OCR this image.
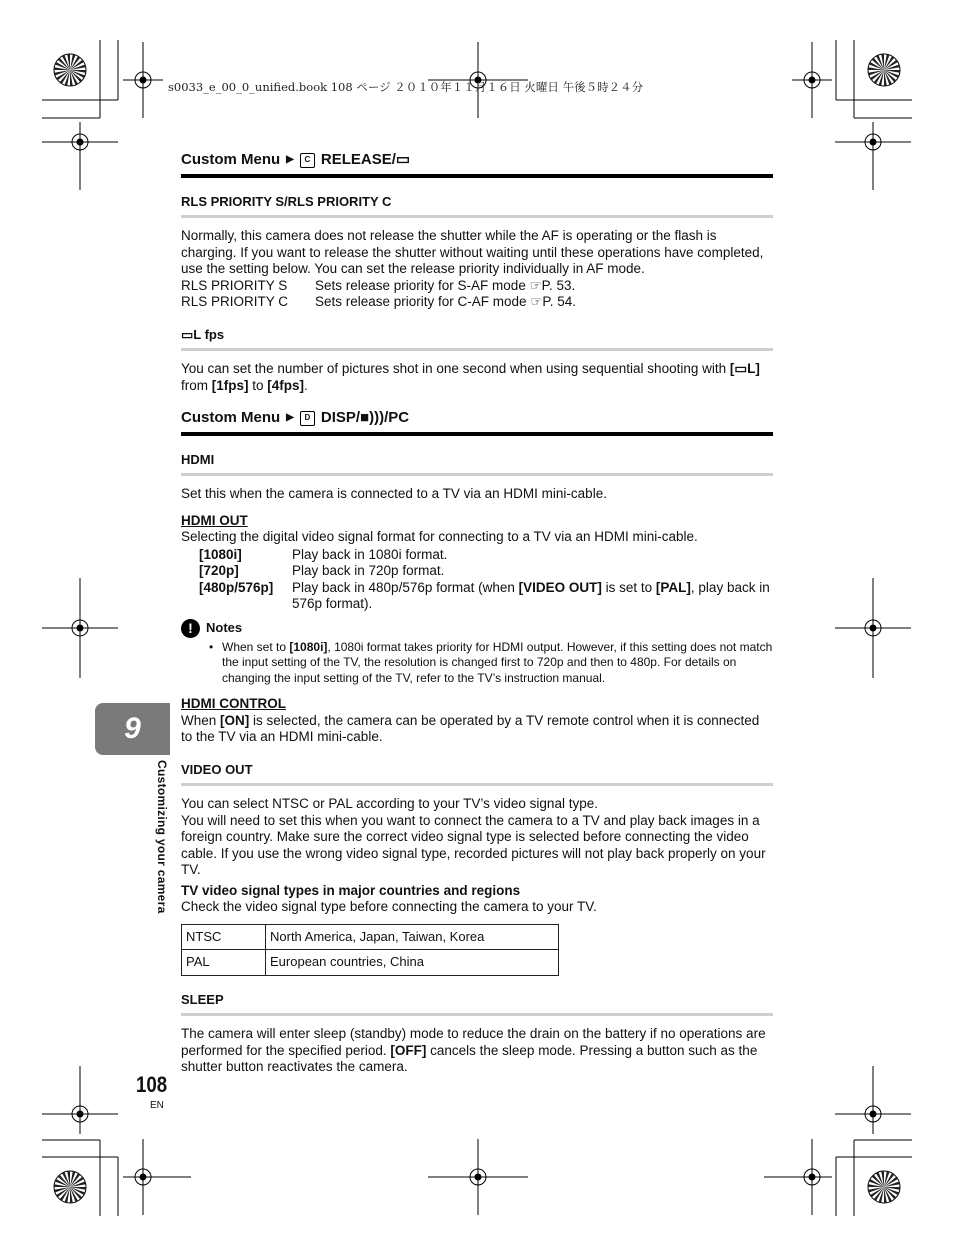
s0033_e_00_0_unified.book 108 ページ ２０１０年１１月１６日 火曜日 午後５時２４分
Custom Menu ▶	C RELEASE/▭
RLS PRIORITY S/RLS PRIORITY C
Normally, this camera does not release the shutter while the AF is operating or the flash is charging. If you want to release the shutter without waiting until these operations have completed, use the setting below. You can set the release priority individually in AF mode.
RLS PRIORITY S	Sets release priority for S-AF mode ☞P. 53.
RLS PRIORITY C	Sets release priority for C-AF mode ☞P. 54.
▭L fps
You can set the number of pictures shot in one second when using sequential shooting with [▭L] from [1fps] to [4fps].
Custom Menu ▶	D DISP/■)))/PC
HDMI
Set this when the camera is connected to a TV via an HDMI mini-cable.
HDMI OUT
Selecting the digital video signal format for connecting to a TV via an HDMI mini-cable.
[1080i]	Play back in 1080i format.
[720p]	Play back in 720p format.
[480p/576p]	Play back in 480p/576p format (when [VIDEO OUT] is set to [PAL], play back in 576p format).
!	Notes
• When set to [1080i], 1080i format takes priority for HDMI output. However, if this setting does not match the input setting of the TV, the resolution is changed first to 720p and then to 480p. For details on changing the input setting of the TV, refer to the TV’s instruction manual.
HDMI CONTROL
When [ON] is selected, the camera can be operated by a TV remote control when it is connected to the TV via an HDMI mini-cable.
VIDEO OUT
You can select NTSC or PAL according to your TV’s video signal type.
You will need to set this when you want to connect the camera to a TV and play back images in a foreign country. Make sure the correct video signal type is selected before connecting the video cable. If you use the wrong video signal type, recorded pictures will not play back properly on your TV.
TV video signal types in major countries and regions
Check the video signal type before connecting the camera to your TV.
NTSC	North America, Japan, Taiwan, Korea
PAL	European countries, China
SLEEP
The camera will enter sleep (standby) mode to reduce the drain on the battery if no operations are performed for the specified period. [OFF] cancels the sleep mode. Pressing a button such as the shutter button reactivates the camera.
9
Customizing your camera
108
EN
